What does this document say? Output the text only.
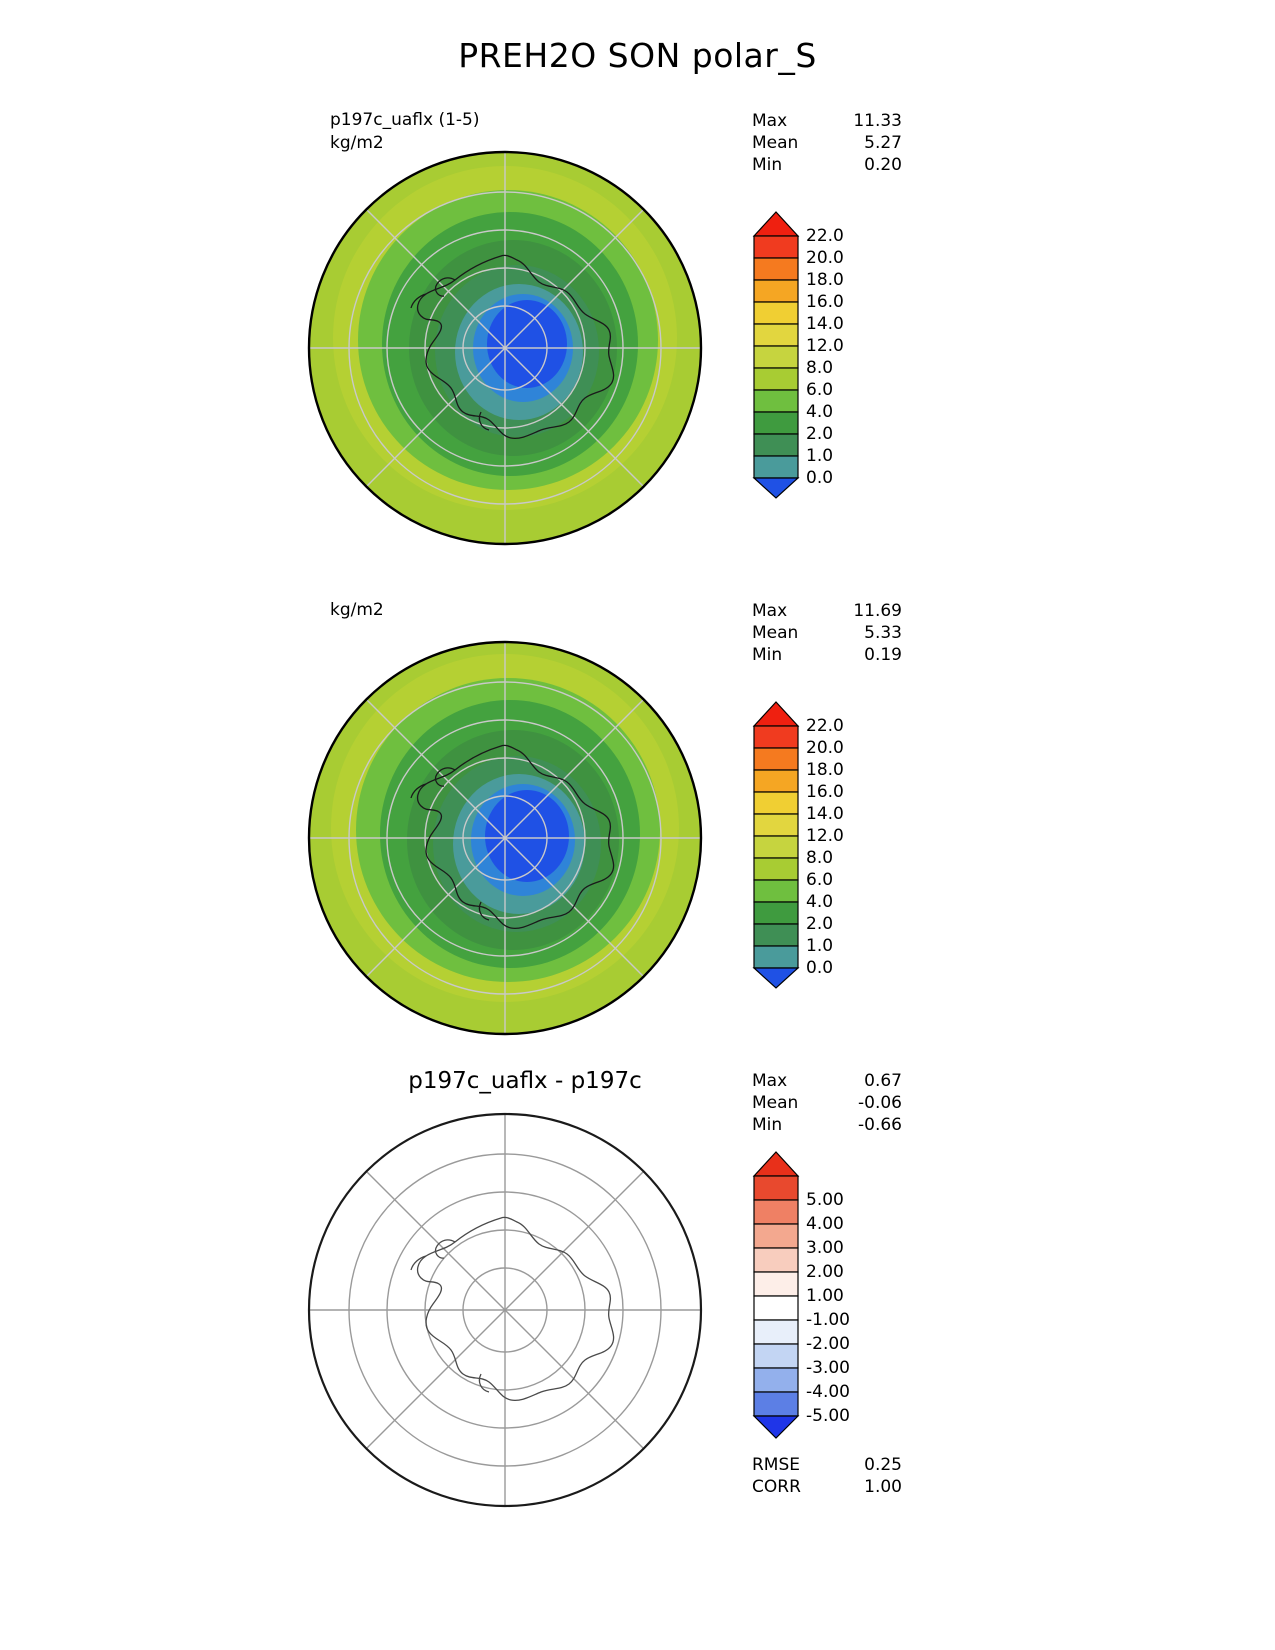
PREH2O SON polar_S
p197c_uaflx (1-5)
kg/m2
Max	11.33
Mean	5.27
Min	0.20
22.0
20.0
18.0
16.0
14.0
12.0
8.0
6.0
4.0
2.0
1.0
0.0
kg/m2	Max	11.69
Mean	5.33
Min	0.19
22.0
20.0
18.0
16.0
14.0
12.0
8.0
6.0
4.0
2.0
1.0
0.0
p197c_uaflx - p197c	Max	0.67
Mean	-0.06
Min	-0.66
5.00
4.00
3.00
2.00
1.00
-1.00
-2.00
-3.00
-4.00
-5.00
RMSE	0.25
CORR	1.00
